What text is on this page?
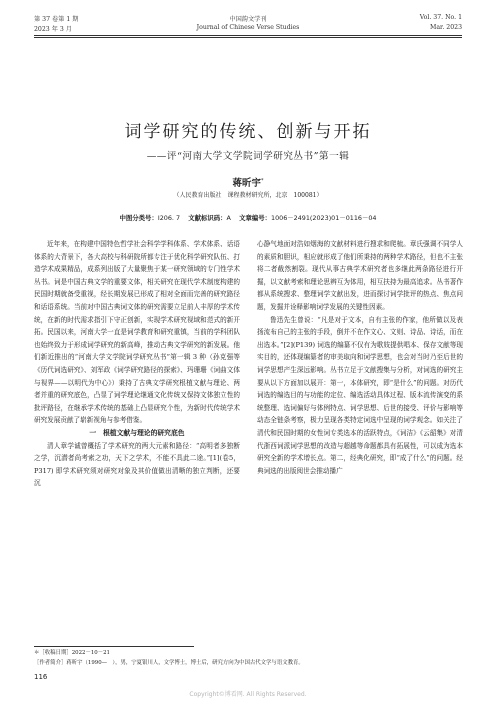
第 37 卷第 1 期	中国韵文学刊	Vol. 37. No. 1
2023 年 3 月	Journal of Chinese Verse Studies	Mar. 2023
词学研究的传统、创新与开拓
——评“河南大学文学院词学研究丛书”第一辑
蒋昕宇*
（人民教育出版社　课程教材研究所，北京　100081）
中图分类号：I206. 7 文献标识码：A 文章编号：1006－2491(2023)01－0116－04

近年来，在构建中国特色哲学社会科学学科体系、学术体系、话语体系的大背景下，各大高校与科研院所都专注于优化科学研究队伍、打造学术成果精品，成系列出版了大量聚焦于某一研究领域的专门性学术丛书。词是中国古典文学的重要文体，相关研究在现代学术制度构建的民国时期就备受重视，经长期发展已形成了相对全面而完善的研究路径和话语系统。当前对中国古典词文体的研究需要立足前人丰厚的学术传统，在新的时代需求指引下守正创新，实现学术研究视域和范式的新开拓。民国以来，河南大学一直是词学教育和研究重镇，当前的学科团队也始终致力于形成词学研究的新高峰，推动古典文学研究的新发展。他们新近推出的“河南大学文学院词学研究丛书”第一辑 3 种（孙克强等《历代词选研究》、刘军政《词学研究路径的探索》、玛珊珊《词曲文体与视界——以明代为中心》）秉持了古典文学研究根植文献与理论、两者并重的研究底色，凸显了词学理论继通文化传统又保持文体独立性的批评路径，在继承学术传统的基础上凸显研究个性，为新时代传统学术研究发展贡献了崭新视角与参考借鉴。

一　根植文献与理论的研究底色

清人章学诚曾概括了学术研究的两大元素和路径：“高明者多独断之学，沉潜者尚考索之功，天下之学术，不能不具此二途。”[1](卷5，P317) 即学术研究须对研究对象及其价值做出清晰的独立判断，还要沉

心静气地面对浩如烟海的文献材料进行搜求和爬梳。章氏强调不同学人的素质和胆识，相应就形成了他们所秉持的两种学术路径，但也不主张将二者截然割裂。现代从事古典学术研究者也多继此两条路径进行开掘，以文献考索和理论思辨互为体用，相互扶持为最高追求。丛书著作都从系统搜求、整理词学文献出发，进而探讨词学批评的热点、焦点问题，发掘并诠释影响词学发展的关键性因素。

鲁迅先生曾说：“凡是对于文本，自有主张的作家，他所做以及表扬流布自己的主张的手段，倒并不在作文心、文则、诗品、诗话，而在出选本。”[2](P139) 词选的编纂不仅有为歌妓提供唱本、保存文献等现实目的，还体现编纂者的审美取向和词学思想，也会对当时乃至后世的词学思想产生深远影响。丛书立足于文献搜集与分析，对词选的研究主要从以下方面加以展开：第一，本体研究，即“是什么”的问题。对历代词选的编选目的与功能的定位、编选活动具体过程、版本流传演变的系统整理、选词偏好与体例特点、词学思想、后世的接受、评价与影响等动态全链条考察，极力呈现各类特定词选中呈现的词学观念。如关注了清代和民国时期的女性词专类选本的活跃特点，《词洁》《云韶集》对清代浙西词派词学思想的改造与超越等命题都具有拓展性，可以成为选本研究全新的学术增长点。第二，经典化研究，即“成了什么”的问题。经典词选的出版阅世会推动播广

＊［收稿日期］2022－10－21
［作者简介］蒋昕宇（1990—　），男，宁夏银川人，文学博士，博士后，研究方向为中国古代文学与语文教育。
116
Copyright©博看网. All Rights Reserved.
